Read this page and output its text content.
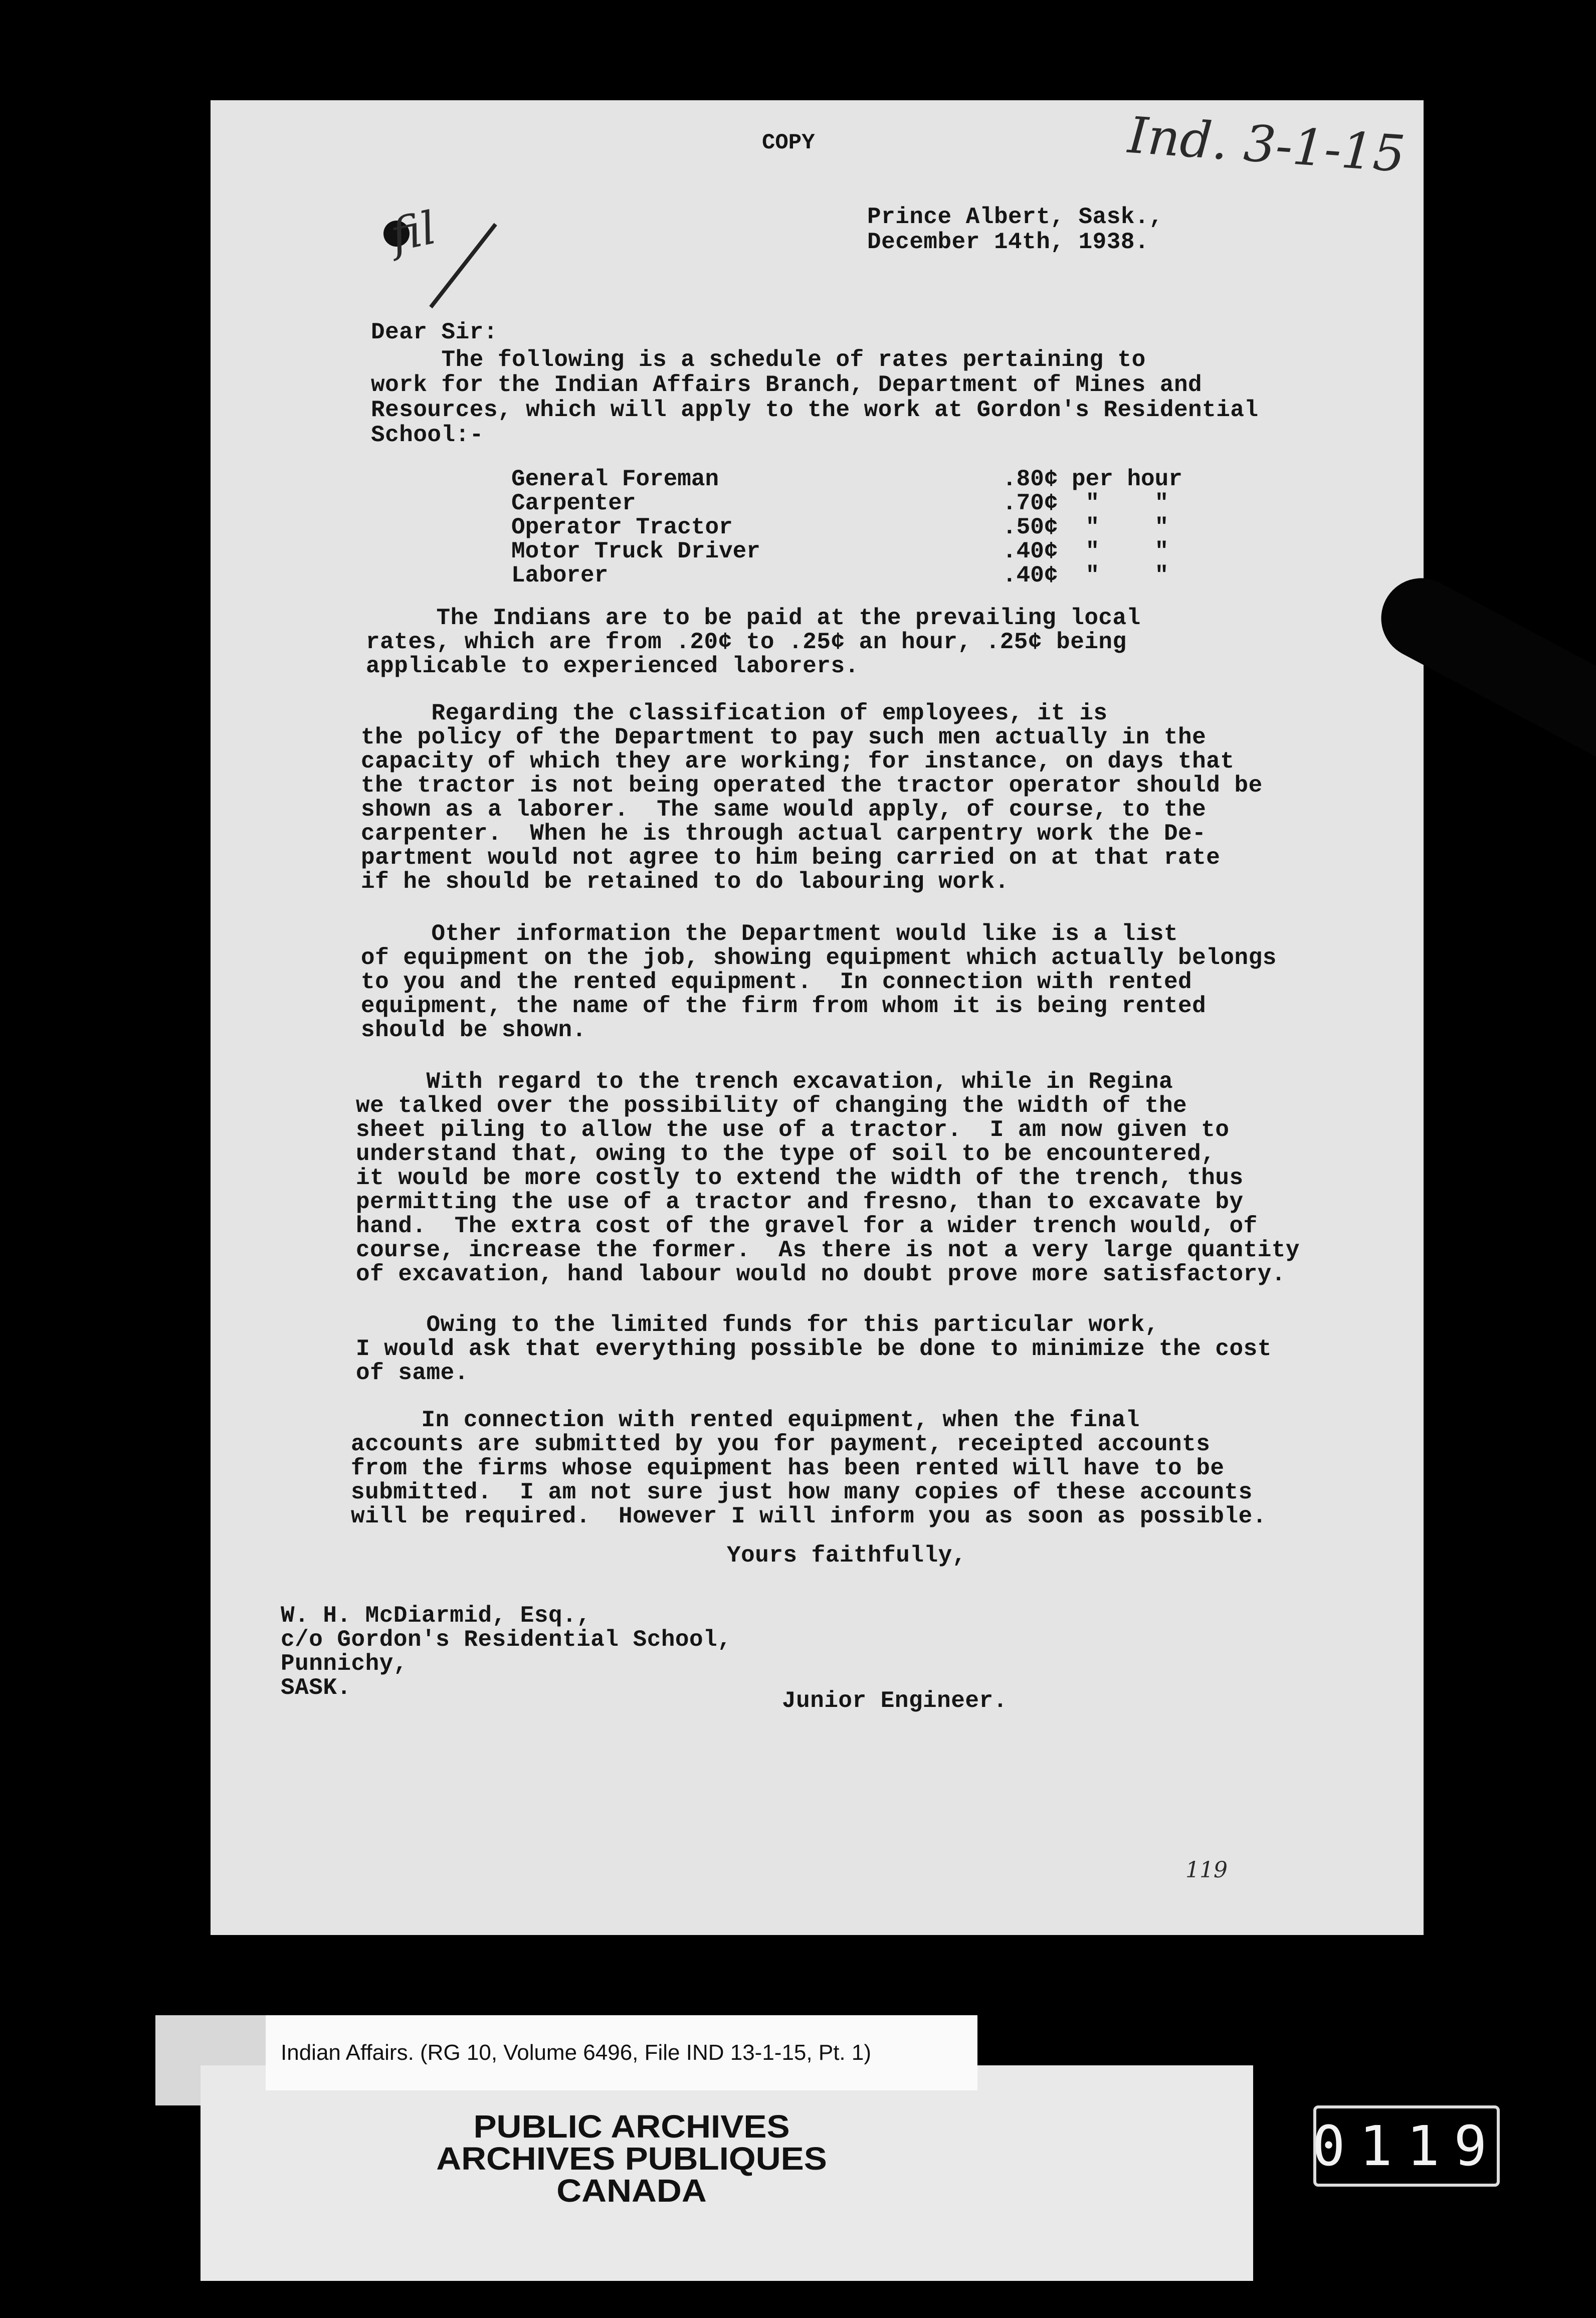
COPY	Ind. 3-1-15
fil	Prince Albert, Sask.,
December 14th, 1938.
Dear Sir:
The following is a schedule of rates pertaining to
work for the Indian Affairs Branch, Department of Mines and
Resources, which will apply to the work at Gordon's Residential
School:-
General Foreman	.80¢ per hour
Carpenter	.70¢  "    "
Operator Tractor	.50¢  "    "
Motor Truck Driver	.40¢  "    "
Laborer	.40¢  "    "
The Indians are to be paid at the prevailing local
rates, which are from .20¢ to .25¢ an hour, .25¢ being
applicable to experienced laborers.
Regarding the classification of employees, it is
the policy of the Department to pay such men actually in the
capacity of which they are working; for instance, on days that
the tractor is not being operated the tractor operator should be
shown as a laborer.  The same would apply, of course, to the
carpenter.  When he is through actual carpentry work the De-
partment would not agree to him being carried on at that rate
if he should be retained to do labouring work.
Other information the Department would like is a list
of equipment on the job, showing equipment which actually belongs
to you and the rented equipment.  In connection with rented
equipment, the name of the firm from whom it is being rented
should be shown.
With regard to the trench excavation, while in Regina
we talked over the possibility of changing the width of the
sheet piling to allow the use of a tractor.  I am now given to
understand that, owing to the type of soil to be encountered,
it would be more costly to extend the width of the trench, thus
permitting the use of a tractor and fresno, than to excavate by
hand.  The extra cost of the gravel for a wider trench would, of
course, increase the former.  As there is not a very large quantity
of excavation, hand labour would no doubt prove more satisfactory.
Owing to the limited funds for this particular work,
I would ask that everything possible be done to minimize the cost
of same.
In connection with rented equipment, when the final
accounts are submitted by you for payment, receipted accounts
from the firms whose equipment has been rented will have to be
submitted.  I am not sure just how many copies of these accounts
will be required.  However I will inform you as soon as possible.
Yours faithfully,
W. H. McDiarmid, Esq.,
c/o Gordon's Residential School,
Punnichy,
SASK.	Junior Engineer.
119
Indian Affairs. (RG 10, Volume 6496, File IND 13-1-15, Pt. 1)
PUBLIC ARCHIVES
ARCHIVES PUBLIQUES
CANADA
0119
